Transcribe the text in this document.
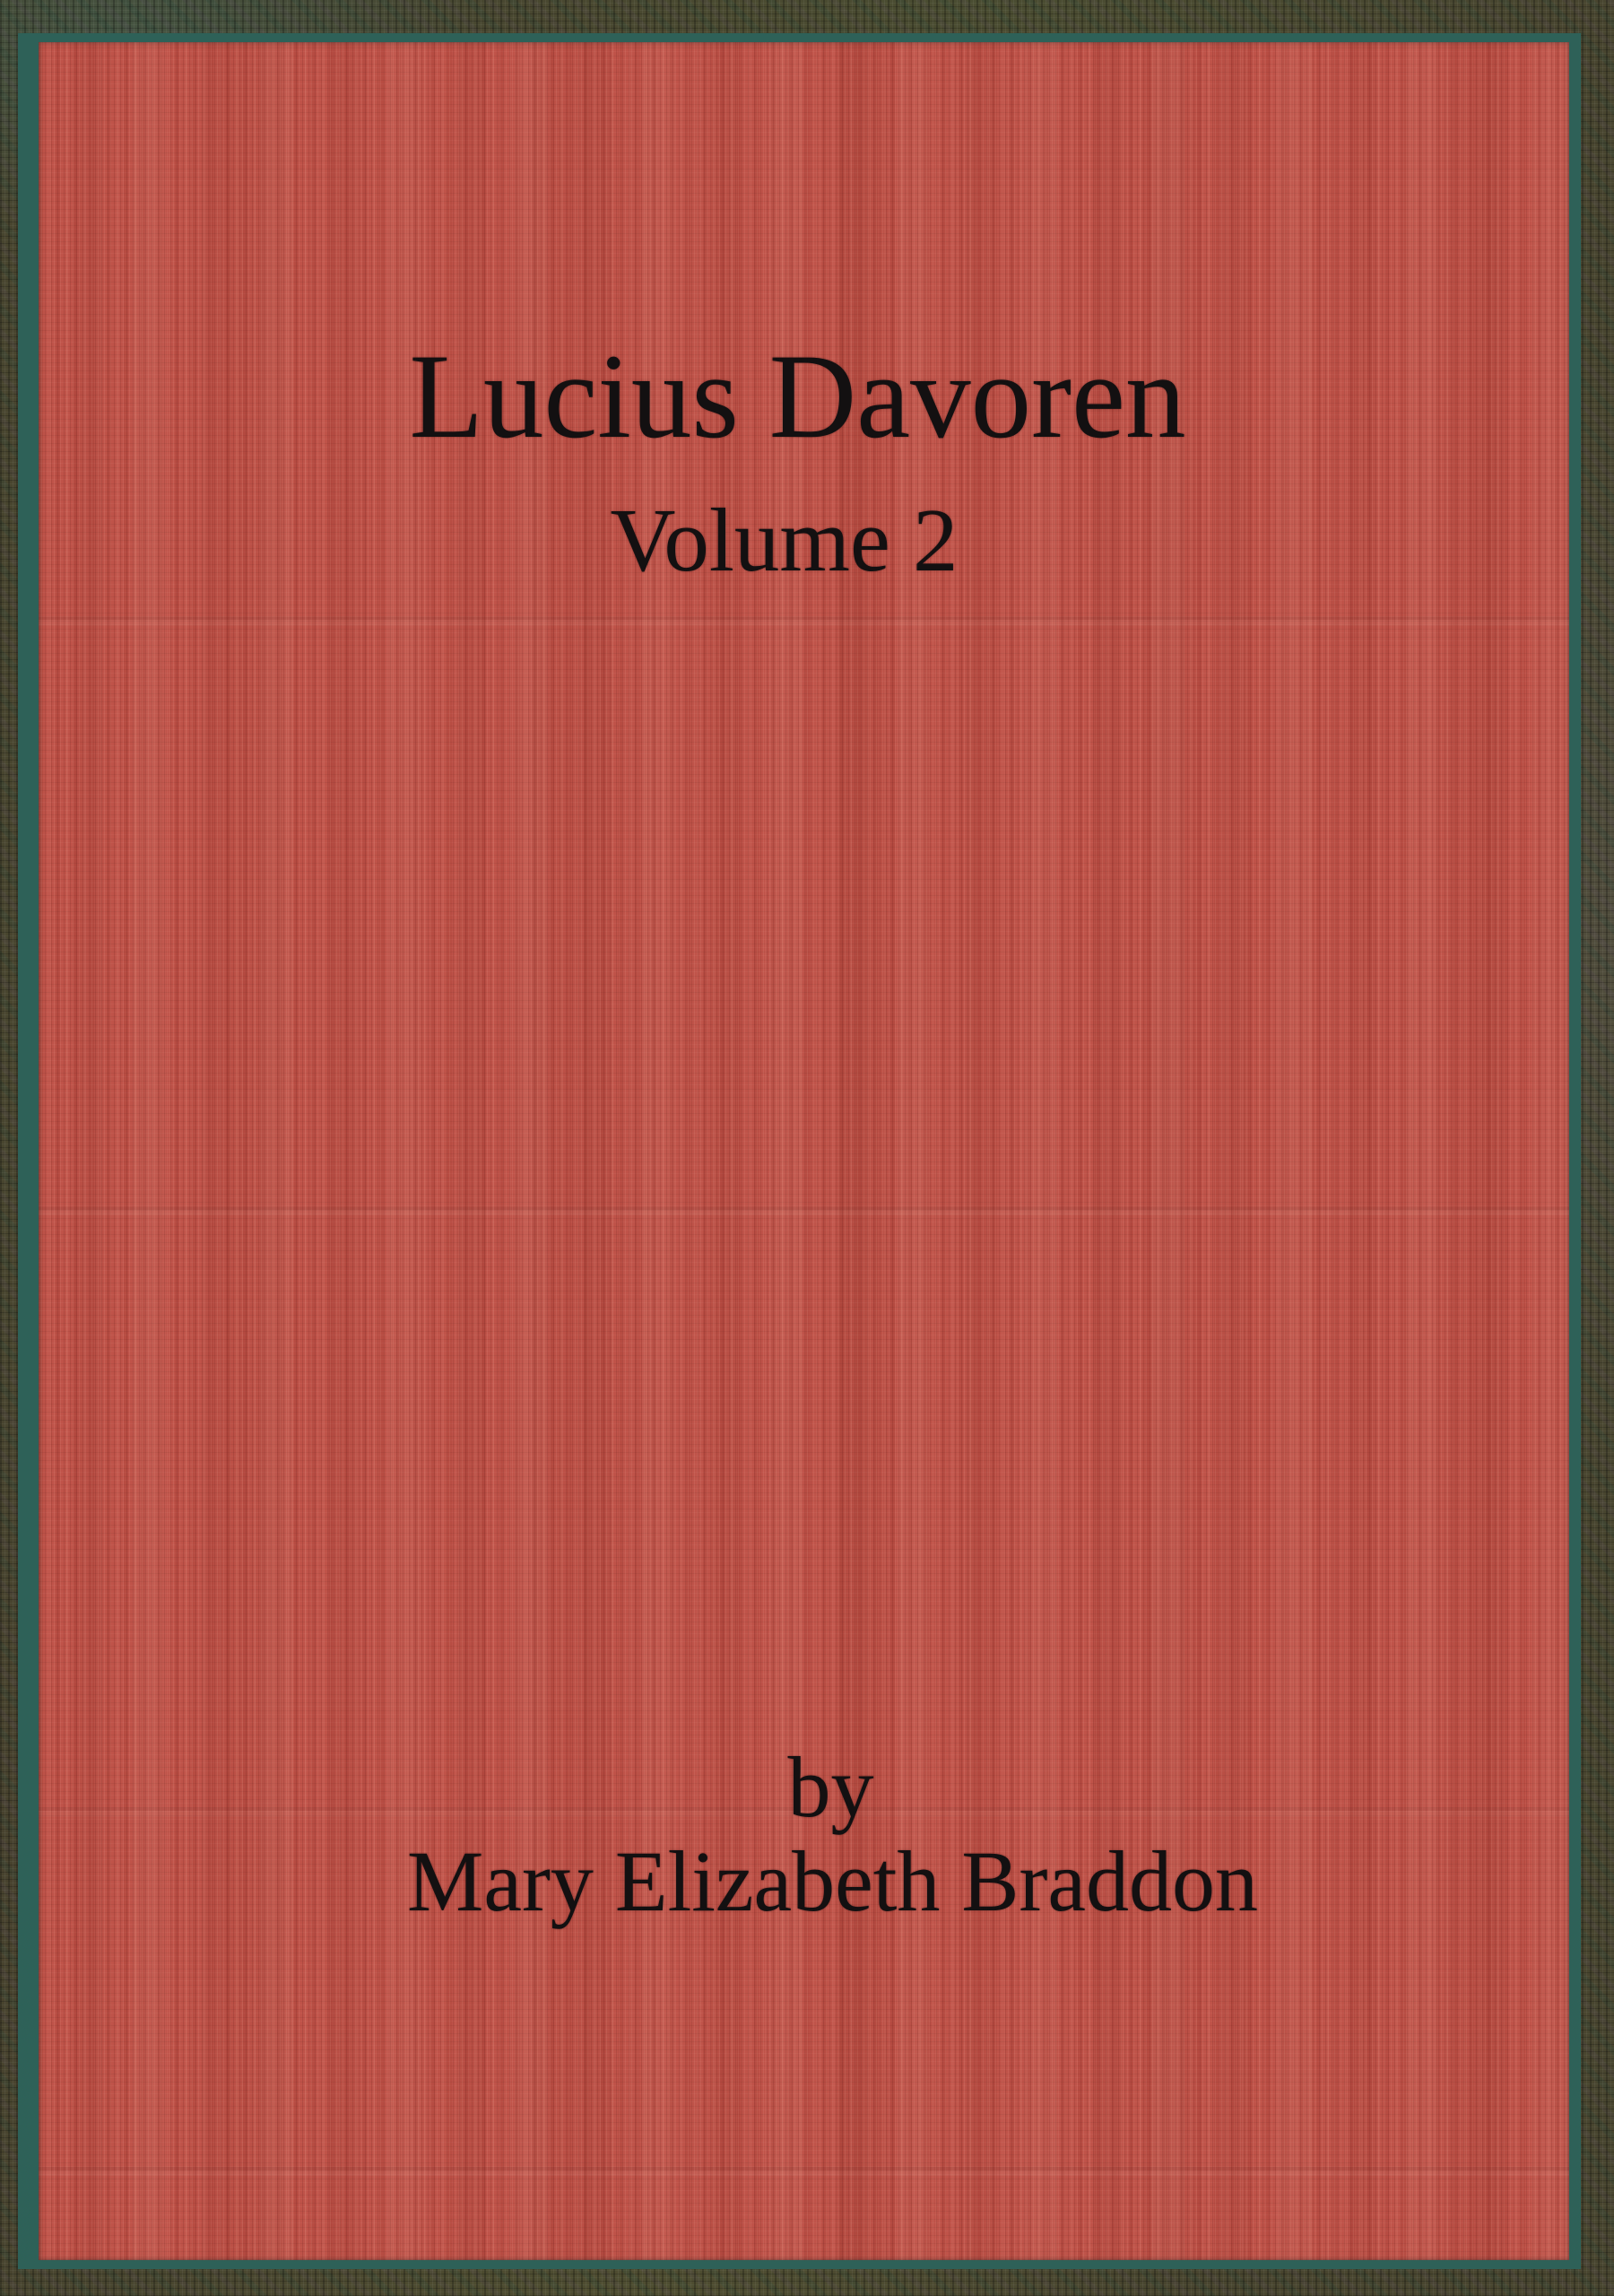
Lucius Davoren
Volume 2
by
Mary Elizabeth Braddon
